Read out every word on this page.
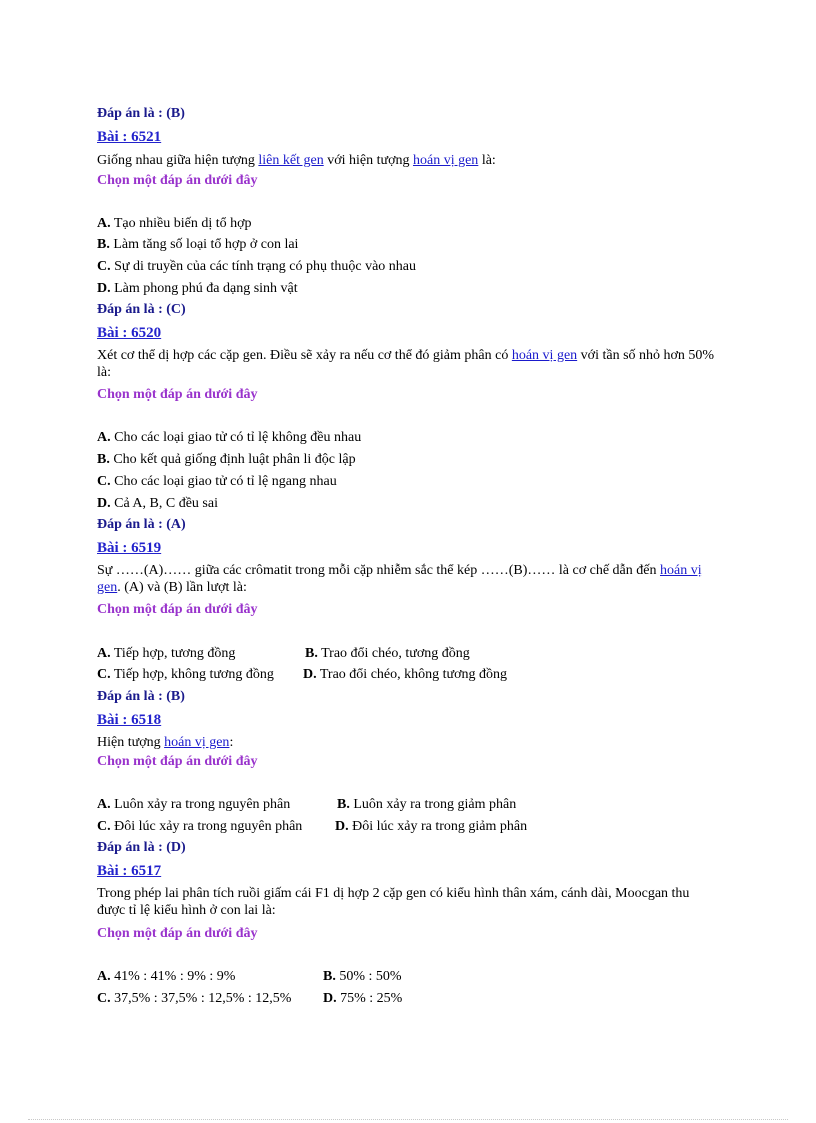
Đáp án là : (B)
Bài : 6521
Giống nhau giữa hiện tượng liên kết gen với hiện tượng hoán vị gen là:
Chọn một đáp án dưới đây
A. Tạo nhiều biến dị tổ hợp
B. Làm tăng số loại tổ hợp ở con lai
C. Sự di truyền của các tính trạng có phụ thuộc vào nhau
D. Làm phong phú đa dạng sinh vật
Đáp án là : (C)
Bài : 6520
Xét cơ thể dị hợp các cặp gen. Điều sẽ xảy ra nếu cơ thể đó giảm phân có hoán vị gen với tần số nhỏ hơn 50% là:
Chọn một đáp án dưới đây
A. Cho các loại giao tử có tỉ lệ không đều nhau
B. Cho kết quả giống định luật phân li độc lập
C. Cho các loại giao tử có tỉ lệ ngang nhau
D. Cả A, B, C đều sai
Đáp án là : (A)
Bài : 6519
Sự ……(A)…… giữa các crômatit trong mỗi cặp nhiễm sắc thể kép ……(B)…… là cơ chế dẫn đến hoán vị gen. (A) và (B) lần lượt là:
Chọn một đáp án dưới đây
A. Tiếp hợp, tương đồng	B. Trao đổi chéo, tương đồng
C. Tiếp hợp, không tương đồng D. Trao đổi chéo, không tương đồng
Đáp án là : (B)
Bài : 6518
Hiện tượng hoán vị gen:
Chọn một đáp án dưới đây
A. Luôn xảy ra trong nguyên phân	B. Luôn xảy ra trong giảm phân
C. Đôi lúc xảy ra trong nguyên phân D. Đôi lúc xảy ra trong giảm phân
Đáp án là : (D)
Bài : 6517
Trong phép lai phân tích ruồi giấm cái F1 dị hợp 2 cặp gen có kiểu hình thân xám, cánh dài, Moocgan thu được tỉ lệ kiểu hình ở con lai là:
Chọn một đáp án dưới đây
A. 41% : 41% : 9% : 9%	B. 50% : 50%
C. 37,5% : 37,5% : 12,5% : 12,5% D. 75% : 25%
